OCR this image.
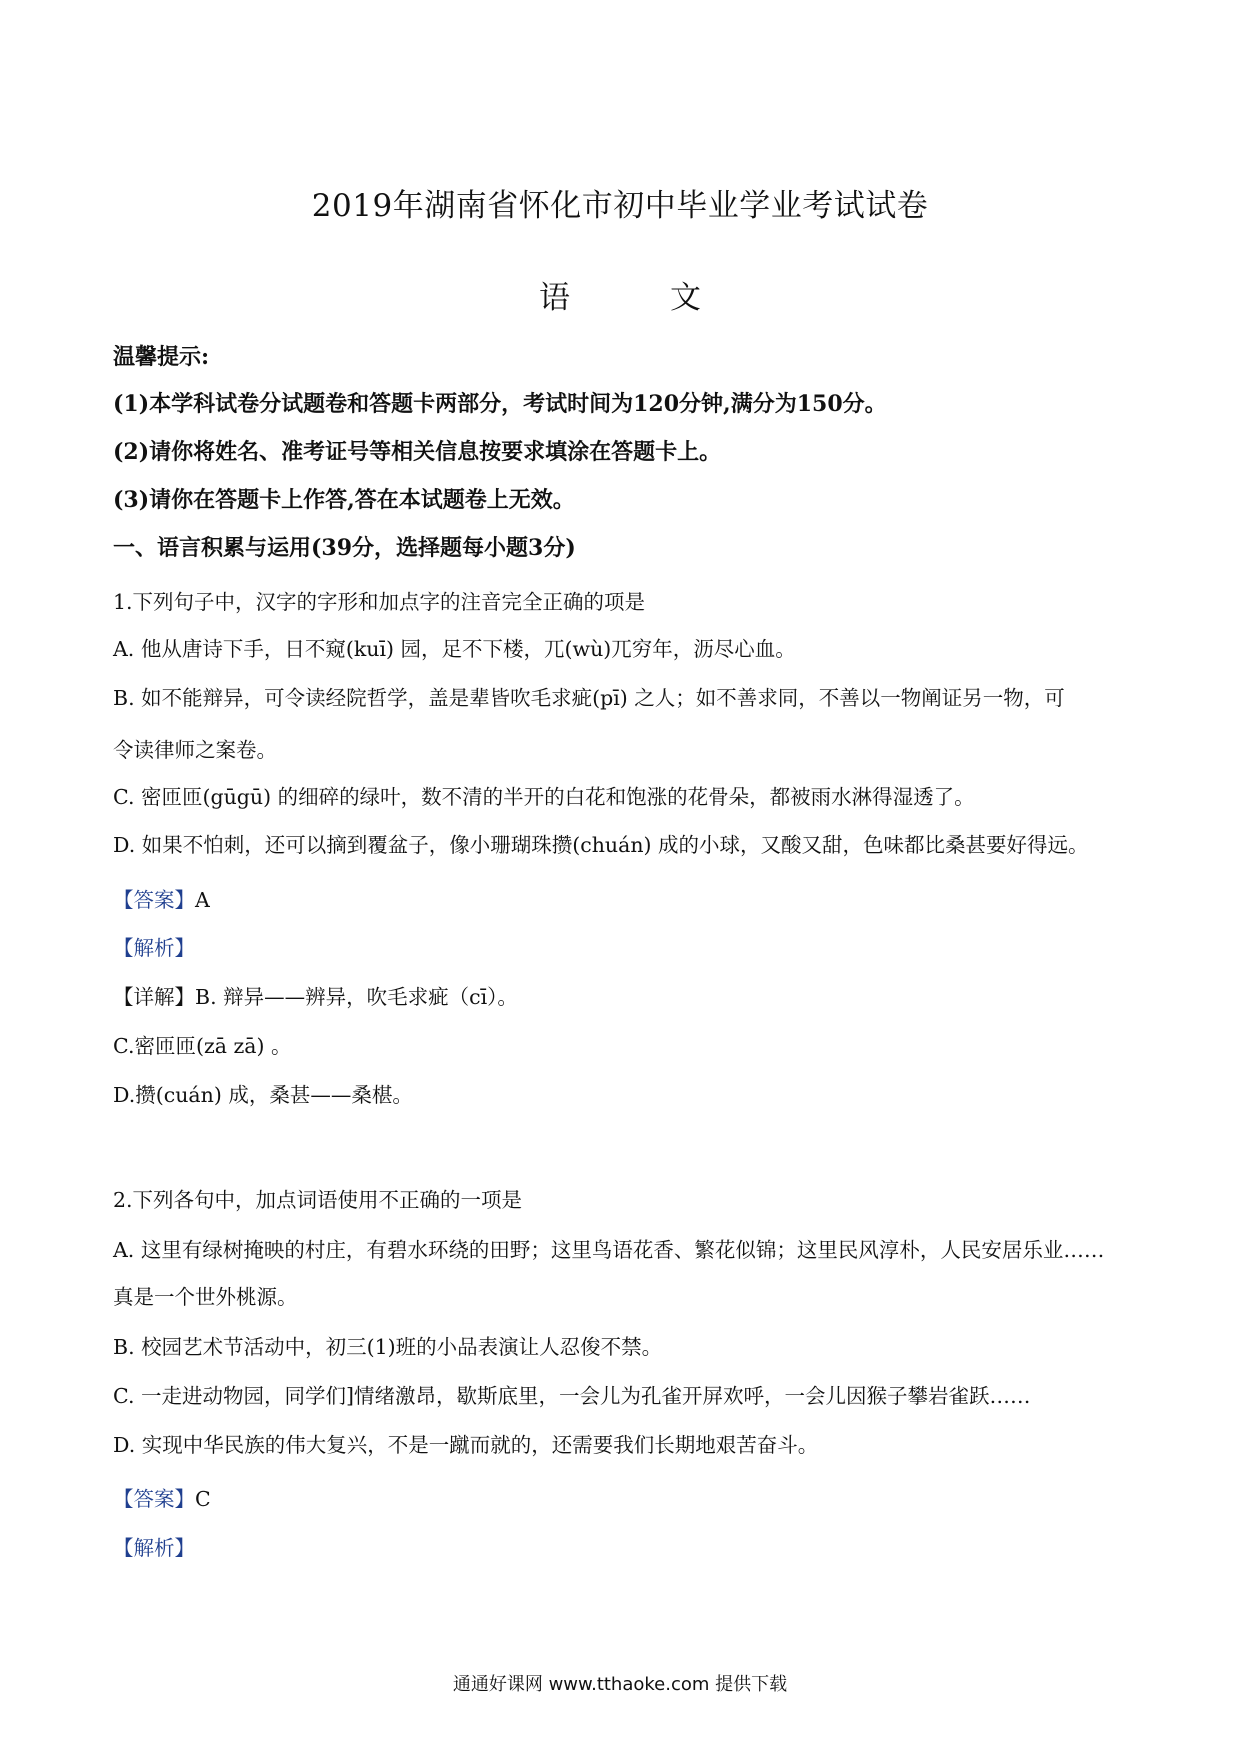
2019年湖南省怀化市初中毕业学业考试试卷
语	文
温馨提示:
(1)本学科试卷分试题卷和答题卡两部分，考试时间为120分钟,满分为150分。
(2)请你将姓名、准考证号等相关信息按要求填涂在答题卡上。
(3)请你在答题卡上作答,答在本试题卷上无效。
一、语言积累与运用(39分，选择题每小题3分)
1.下列句子中，汉字的字形和加点字的注音完全正确的项是
A. 他从唐诗下手，日不窥(kuī) 园，足不下楼，兀(wù)兀穷年，沥尽心血。
B. 如不能辩异，可令读经院哲学，盖是辈皆吹毛求疵(pī) 之人；如不善求同，不善以一物阐证另一物，可
令读律师之案卷。
C. 密匝匝(gūgū) 的细碎的绿叶，数不清的半开的白花和饱涨的花骨朵，都被雨水淋得湿透了。
D. 如果不怕刺，还可以摘到覆盆子，像小珊瑚珠攒(chuán) 成的小球，又酸又甜，色味都比桑甚要好得远。
【答案】A
【解析】
【详解】B. 辩异——辨异，吹毛求疵（cī）。
C.密匝匝(zā zā) 。
D.攒(cuán) 成，桑甚——桑椹。
2.下列各句中，加点词语使用不正确的一项是
A. 这里有绿树掩映的村庄，有碧水环绕的田野；这里鸟语花香、繁花似锦；这里民风淳朴，人民安居乐业……
真是一个世外桃源。
B. 校园艺术节活动中，初三(1)班的小品表演让人忍俊不禁。
C. 一走进动物园，同学们]情绪激昂，歇斯底里，一会儿为孔雀开屏欢呼，一会儿因猴子攀岩雀跃……
D. 实现中华民族的伟大复兴，不是一蹴而就的，还需要我们长期地艰苦奋斗。
【答案】C
【解析】
通通好课网 www.tthaoke.com 提供下载
